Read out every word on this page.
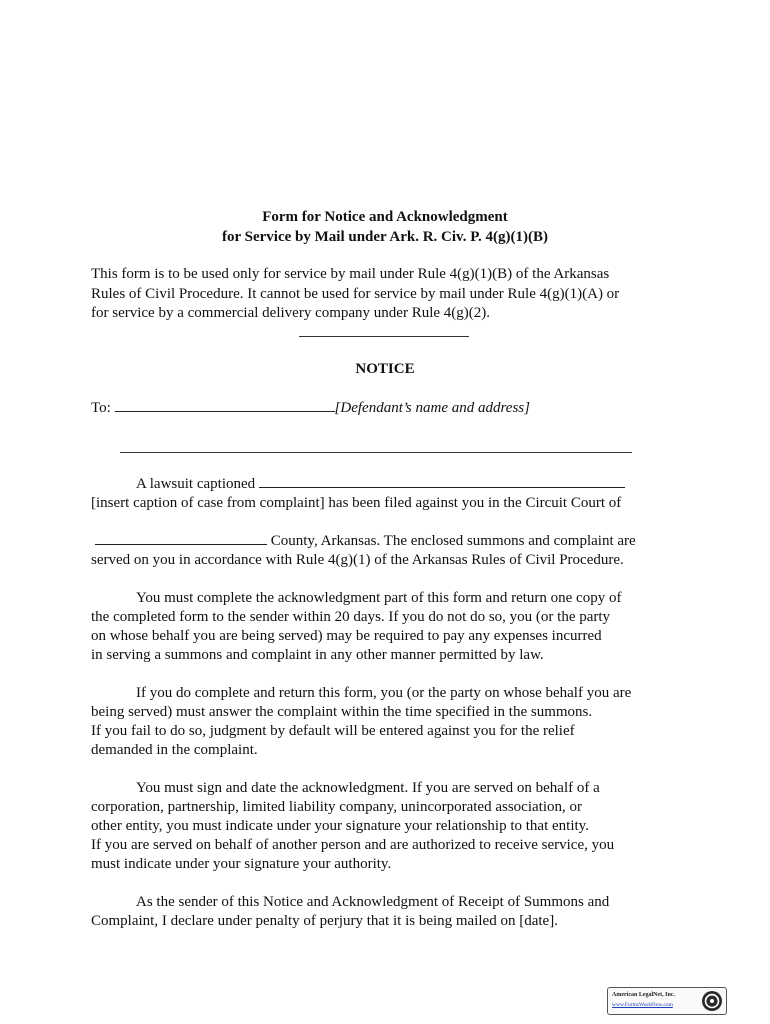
Form for Notice and Acknowledgment
for Service by Mail under Ark. R. Civ. P. 4(g)(1)(B)
This form is to be used only for service by mail under Rule 4(g)(1)(B) of the Arkansas
Rules of Civil Procedure. It cannot be used for service by mail under Rule 4(g)(1)(A) or
for service by a commercial delivery company under Rule 4(g)(2).
NOTICE
To:	[Defendant’s name and address]
A lawsuit captioned
[insert caption of case from complaint] has been filed against you in the Circuit Court of
County, Arkansas. The enclosed summons and complaint are
served on you in accordance with Rule 4(g)(1) of the Arkansas Rules of Civil Procedure.
You must complete the acknowledgment part of this form and return one copy of
the completed form to the sender within 20 days. If you do not do so, you (or the party
on whose behalf you are being served) may be required to pay any expenses incurred
in serving a summons and complaint in any other manner permitted by law.
If you do complete and return this form, you (or the party on whose behalf you are
being served) must answer the complaint within the time specified in the summons.
If you fail to do so, judgment by default will be entered against you for the relief
demanded in the complaint.
You must sign and date the acknowledgment. If you are served on behalf of a
corporation, partnership, limited liability company, unincorporated association, or
other entity, you must indicate under your signature your relationship to that entity.
If you are served on behalf of another person and are authorized to receive service, you
must indicate under your signature your authority.
As the sender of this Notice and Acknowledgment of Receipt of Summons and
Complaint, I declare under penalty of perjury that it is being mailed on [date].
American LegalNet, Inc.
www.FormsWorkFlow.com
